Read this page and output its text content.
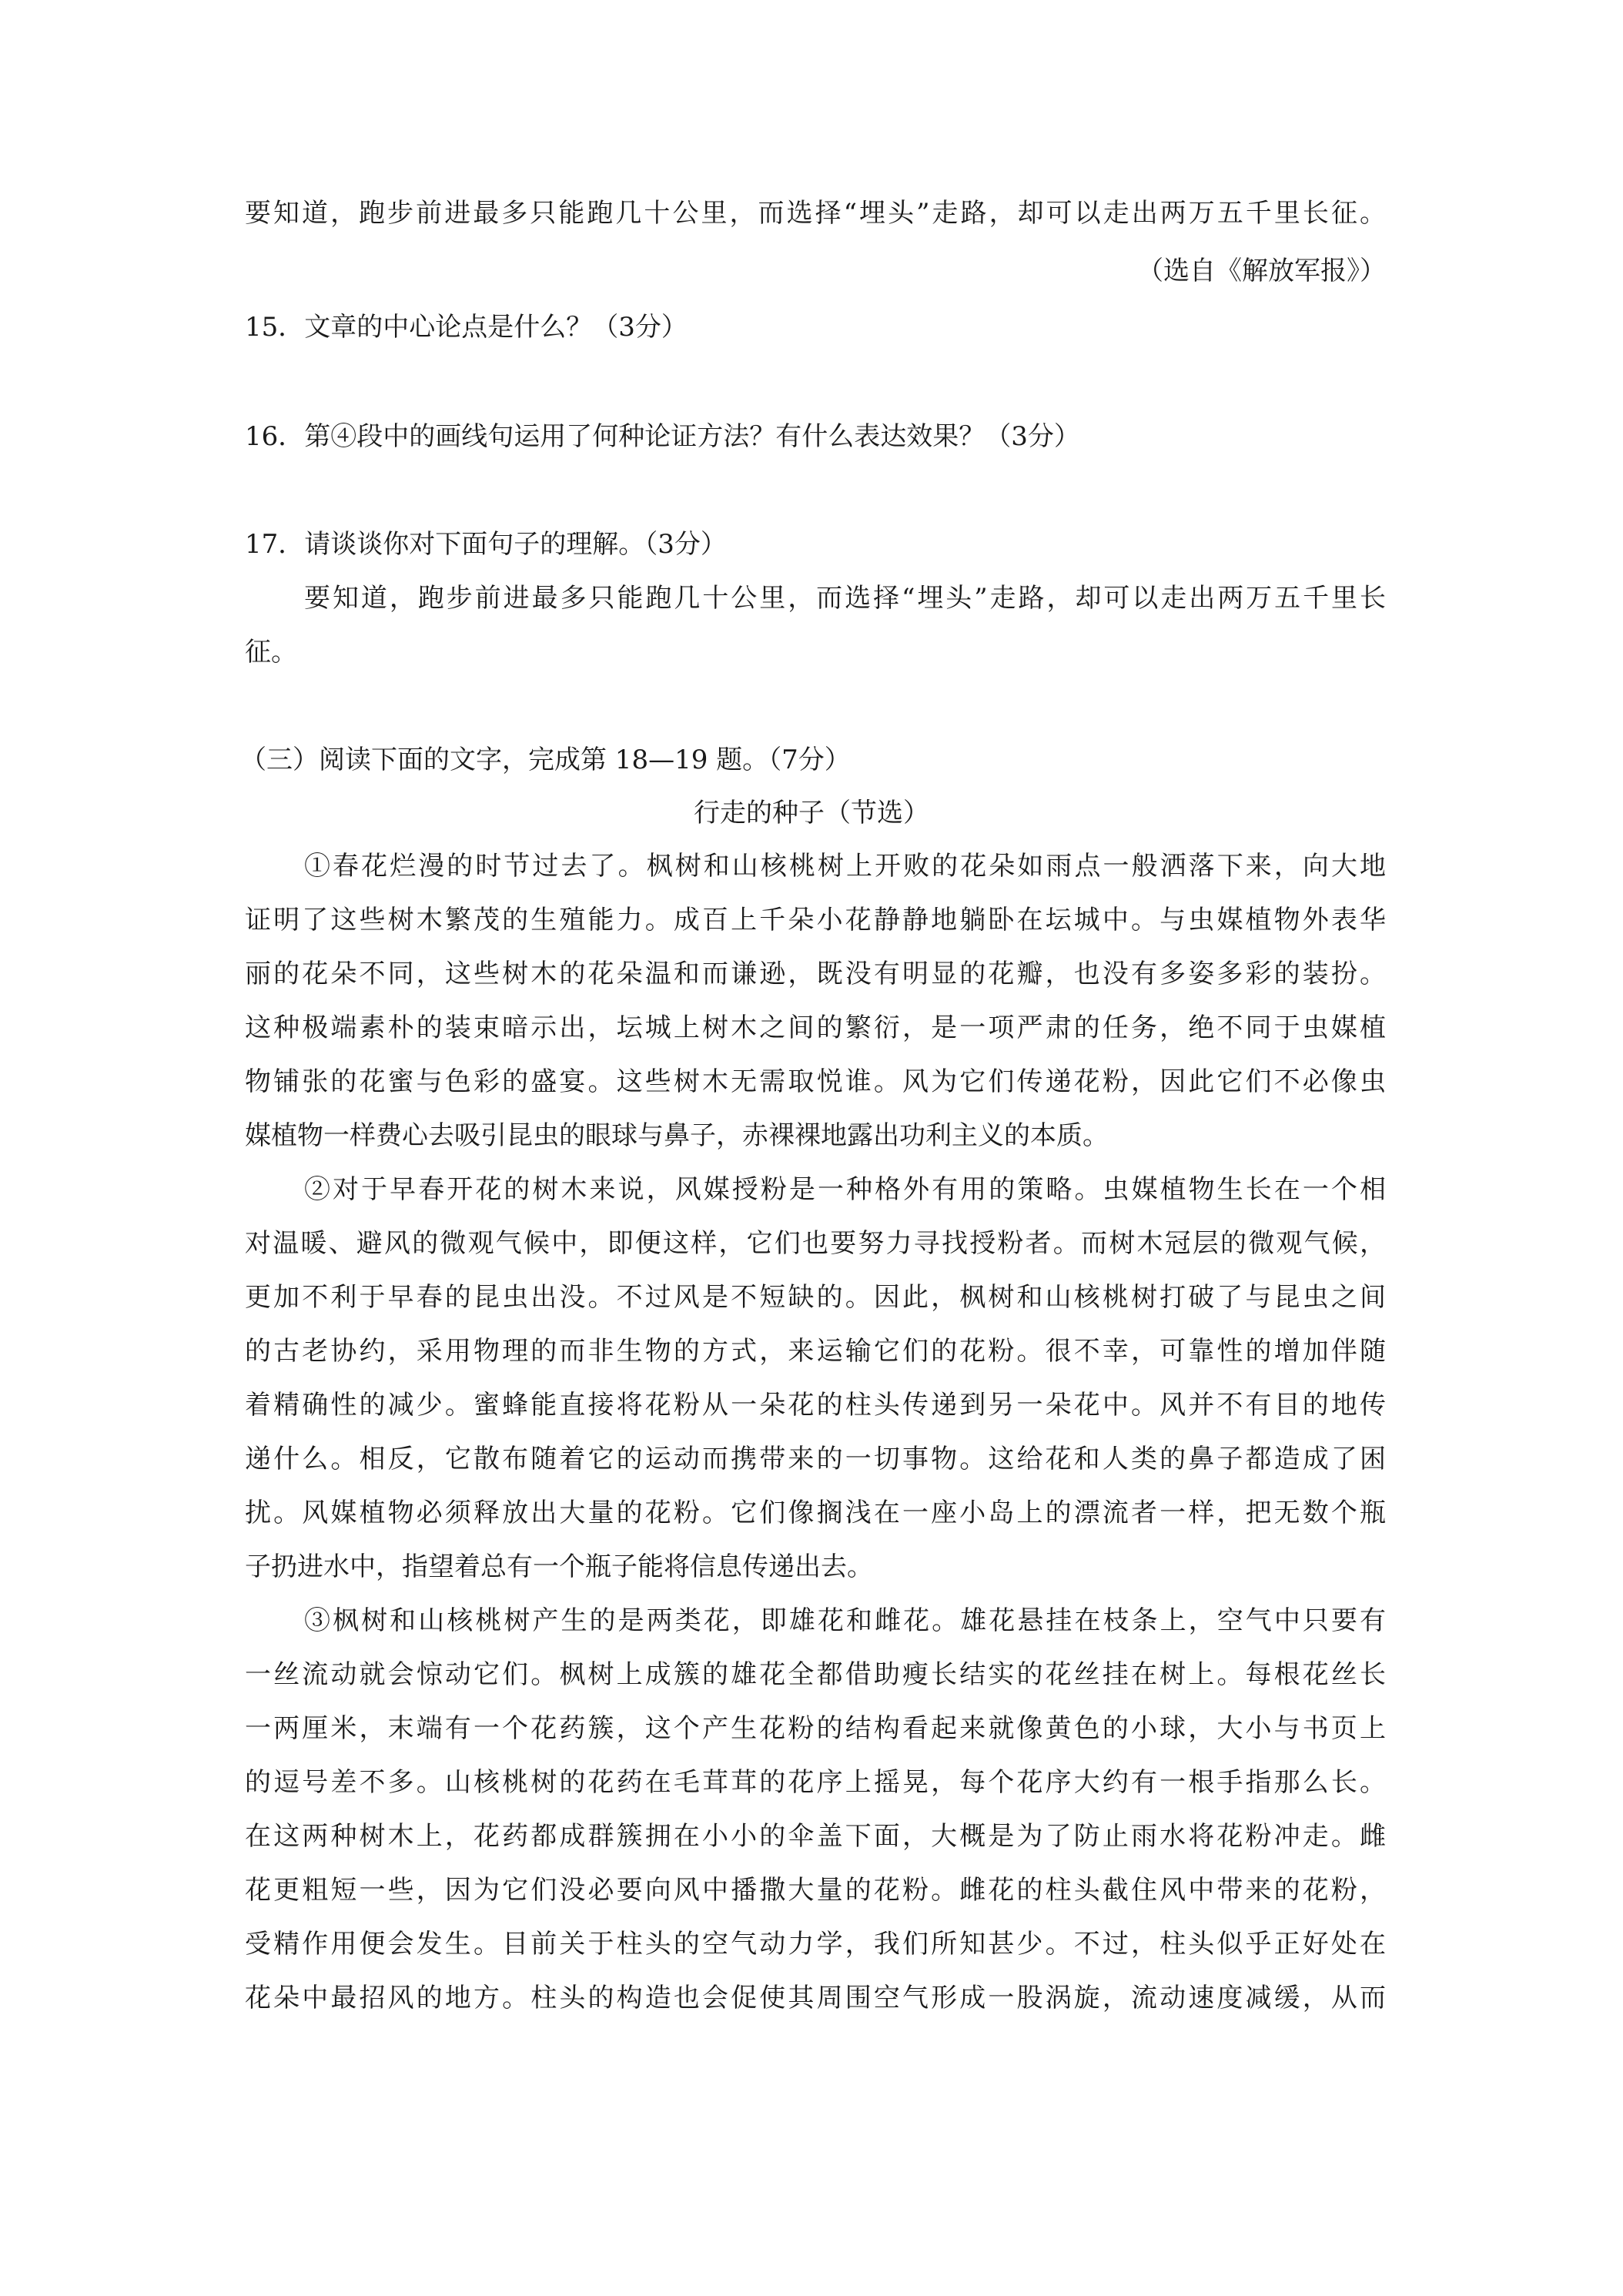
要知道，跑步前进最多只能跑几十公里，而选择“埋头”走路，却可以走出两万五千里长征。
（选自《解放军报》）
15．文章的中心论点是什么？（3分）
16．第④段中的画线句运用了何种论证方法？有什么表达效果？（3分）
17．请谈谈你对下面句子的理解。（3分）
要知道，跑步前进最多只能跑几十公里，而选择“埋头”走路，却可以走出两万五千里长
征。
（三）阅读下面的文字，完成第 18—19 题。（7分）
行走的种子（节选）
①春花烂漫的时节过去了。枫树和山核桃树上开败的花朵如雨点一般洒落下来，向大地
证明了这些树木繁茂的生殖能力。成百上千朵小花静静地躺卧在坛城中。与虫媒植物外表华
丽的花朵不同，这些树木的花朵温和而谦逊，既没有明显的花瓣，也没有多姿多彩的装扮。
这种极端素朴的装束暗示出，坛城上树木之间的繁衍，是一项严肃的任务，绝不同于虫媒植
物铺张的花蜜与色彩的盛宴。这些树木无需取悦谁。风为它们传递花粉，因此它们不必像虫
媒植物一样费心去吸引昆虫的眼球与鼻子，赤裸裸地露出功利主义的本质。
②对于早春开花的树木来说，风媒授粉是一种格外有用的策略。虫媒植物生长在一个相
对温暖、避风的微观气候中，即便这样，它们也要努力寻找授粉者。而树木冠层的微观气候，
更加不利于早春的昆虫出没。不过风是不短缺的。因此，枫树和山核桃树打破了与昆虫之间
的古老协约，采用物理的而非生物的方式，来运输它们的花粉。很不幸，可靠性的增加伴随
着精确性的减少。蜜蜂能直接将花粉从一朵花的柱头传递到另一朵花中。风并不有目的地传
递什么。相反，它散布随着它的运动而携带来的一切事物。这给花和人类的鼻子都造成了困
扰。风媒植物必须释放出大量的花粉。它们像搁浅在一座小岛上的漂流者一样，把无数个瓶
子扔进水中，指望着总有一个瓶子能将信息传递出去。
③枫树和山核桃树产生的是两类花，即雄花和雌花。雄花悬挂在枝条上，空气中只要有
一丝流动就会惊动它们。枫树上成簇的雄花全都借助瘦长结实的花丝挂在树上。每根花丝长
一两厘米，末端有一个花药簇，这个产生花粉的结构看起来就像黄色的小球，大小与书页上
的逗号差不多。山核桃树的花药在毛茸茸的花序上摇晃，每个花序大约有一根手指那么长。
在这两种树木上，花药都成群簇拥在小小的伞盖下面，大概是为了防止雨水将花粉冲走。雌
花更粗短一些，因为它们没必要向风中播撒大量的花粉。雌花的柱头截住风中带来的花粉，
受精作用便会发生。目前关于柱头的空气动力学，我们所知甚少。不过，柱头似乎正好处在
花朵中最招风的地方。柱头的构造也会促使其周围空气形成一股涡旋，流动速度减缓，从而
